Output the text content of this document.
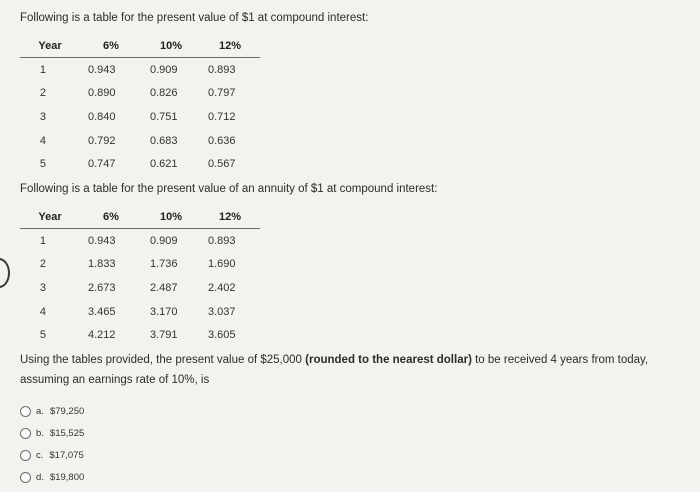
Following is a table for the present value of $1 at compound interest:
Year	6%	10%	12%
1	0.943	0.909	0.893
2	0.890	0.826	0.797
3	0.840	0.751	0.712
4	0.792	0.683	0.636
5	0.747	0.621	0.567
Following is a table for the present value of an annuity of $1 at compound interest:
Year	6%	10%	12%
1	0.943	0.909	0.893
2	1.833	1.736	1.690
3	2.673	2.487	2.402
4	3.465	3.170	3.037
5	4.212	3.791	3.605
Using the tables provided, the present value of $25,000 (rounded to the nearest dollar) to be received 4 years from today, assuming an earnings rate of 10%, is
a. $79,250
b. $15,525
c. $17,075
d. $19,800
